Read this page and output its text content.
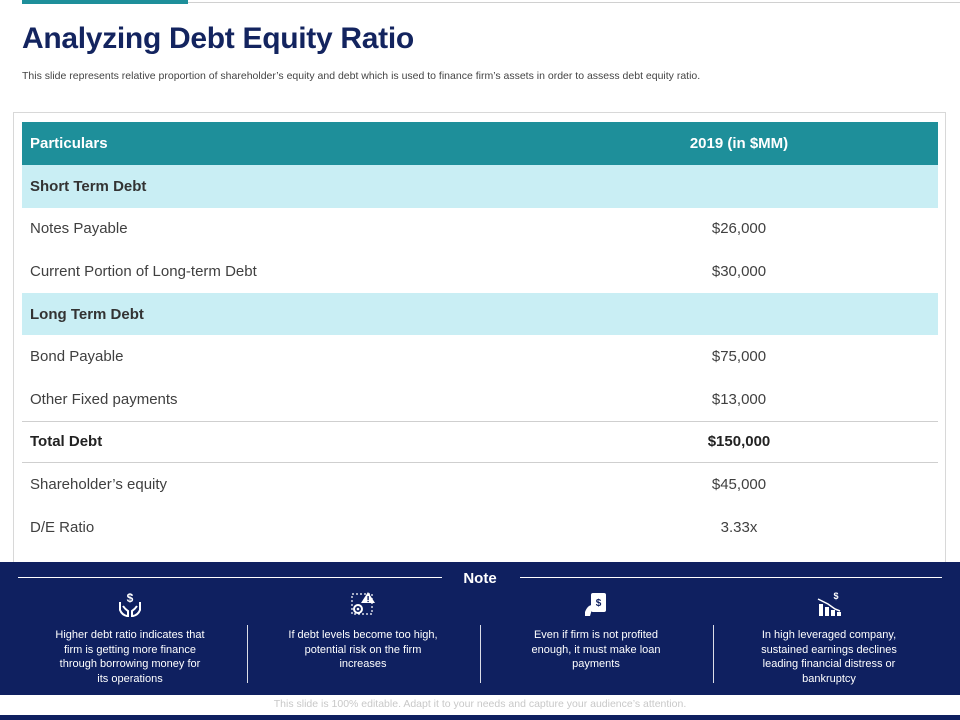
Analyzing Debt Equity Ratio
This slide represents relative proportion of shareholder’s equity and debt which is used to finance firm’s assets in order to assess debt equity ratio.
Particulars	2019 (in $MM)
Short Term Debt
Notes Payable	$26,000
Current Portion of Long-term Debt	$30,000
Long Term Debt
Bond Payable	$75,000
Other Fixed payments	$13,000
Total Debt	$150,000
Shareholder’s equity	$45,000
D/E Ratio	3.33x
Note
$
Higher debt ratio indicates that firm is getting more finance through borrowing money for its operations
If debt levels become too high, potential risk on the firm increases
$
Even if firm is not profited enough, it must make loan payments
$
In high leveraged company, sustained earnings declines leading financial distress or bankruptcy
This slide is 100% editable. Adapt it to your needs and capture your audience’s attention.
